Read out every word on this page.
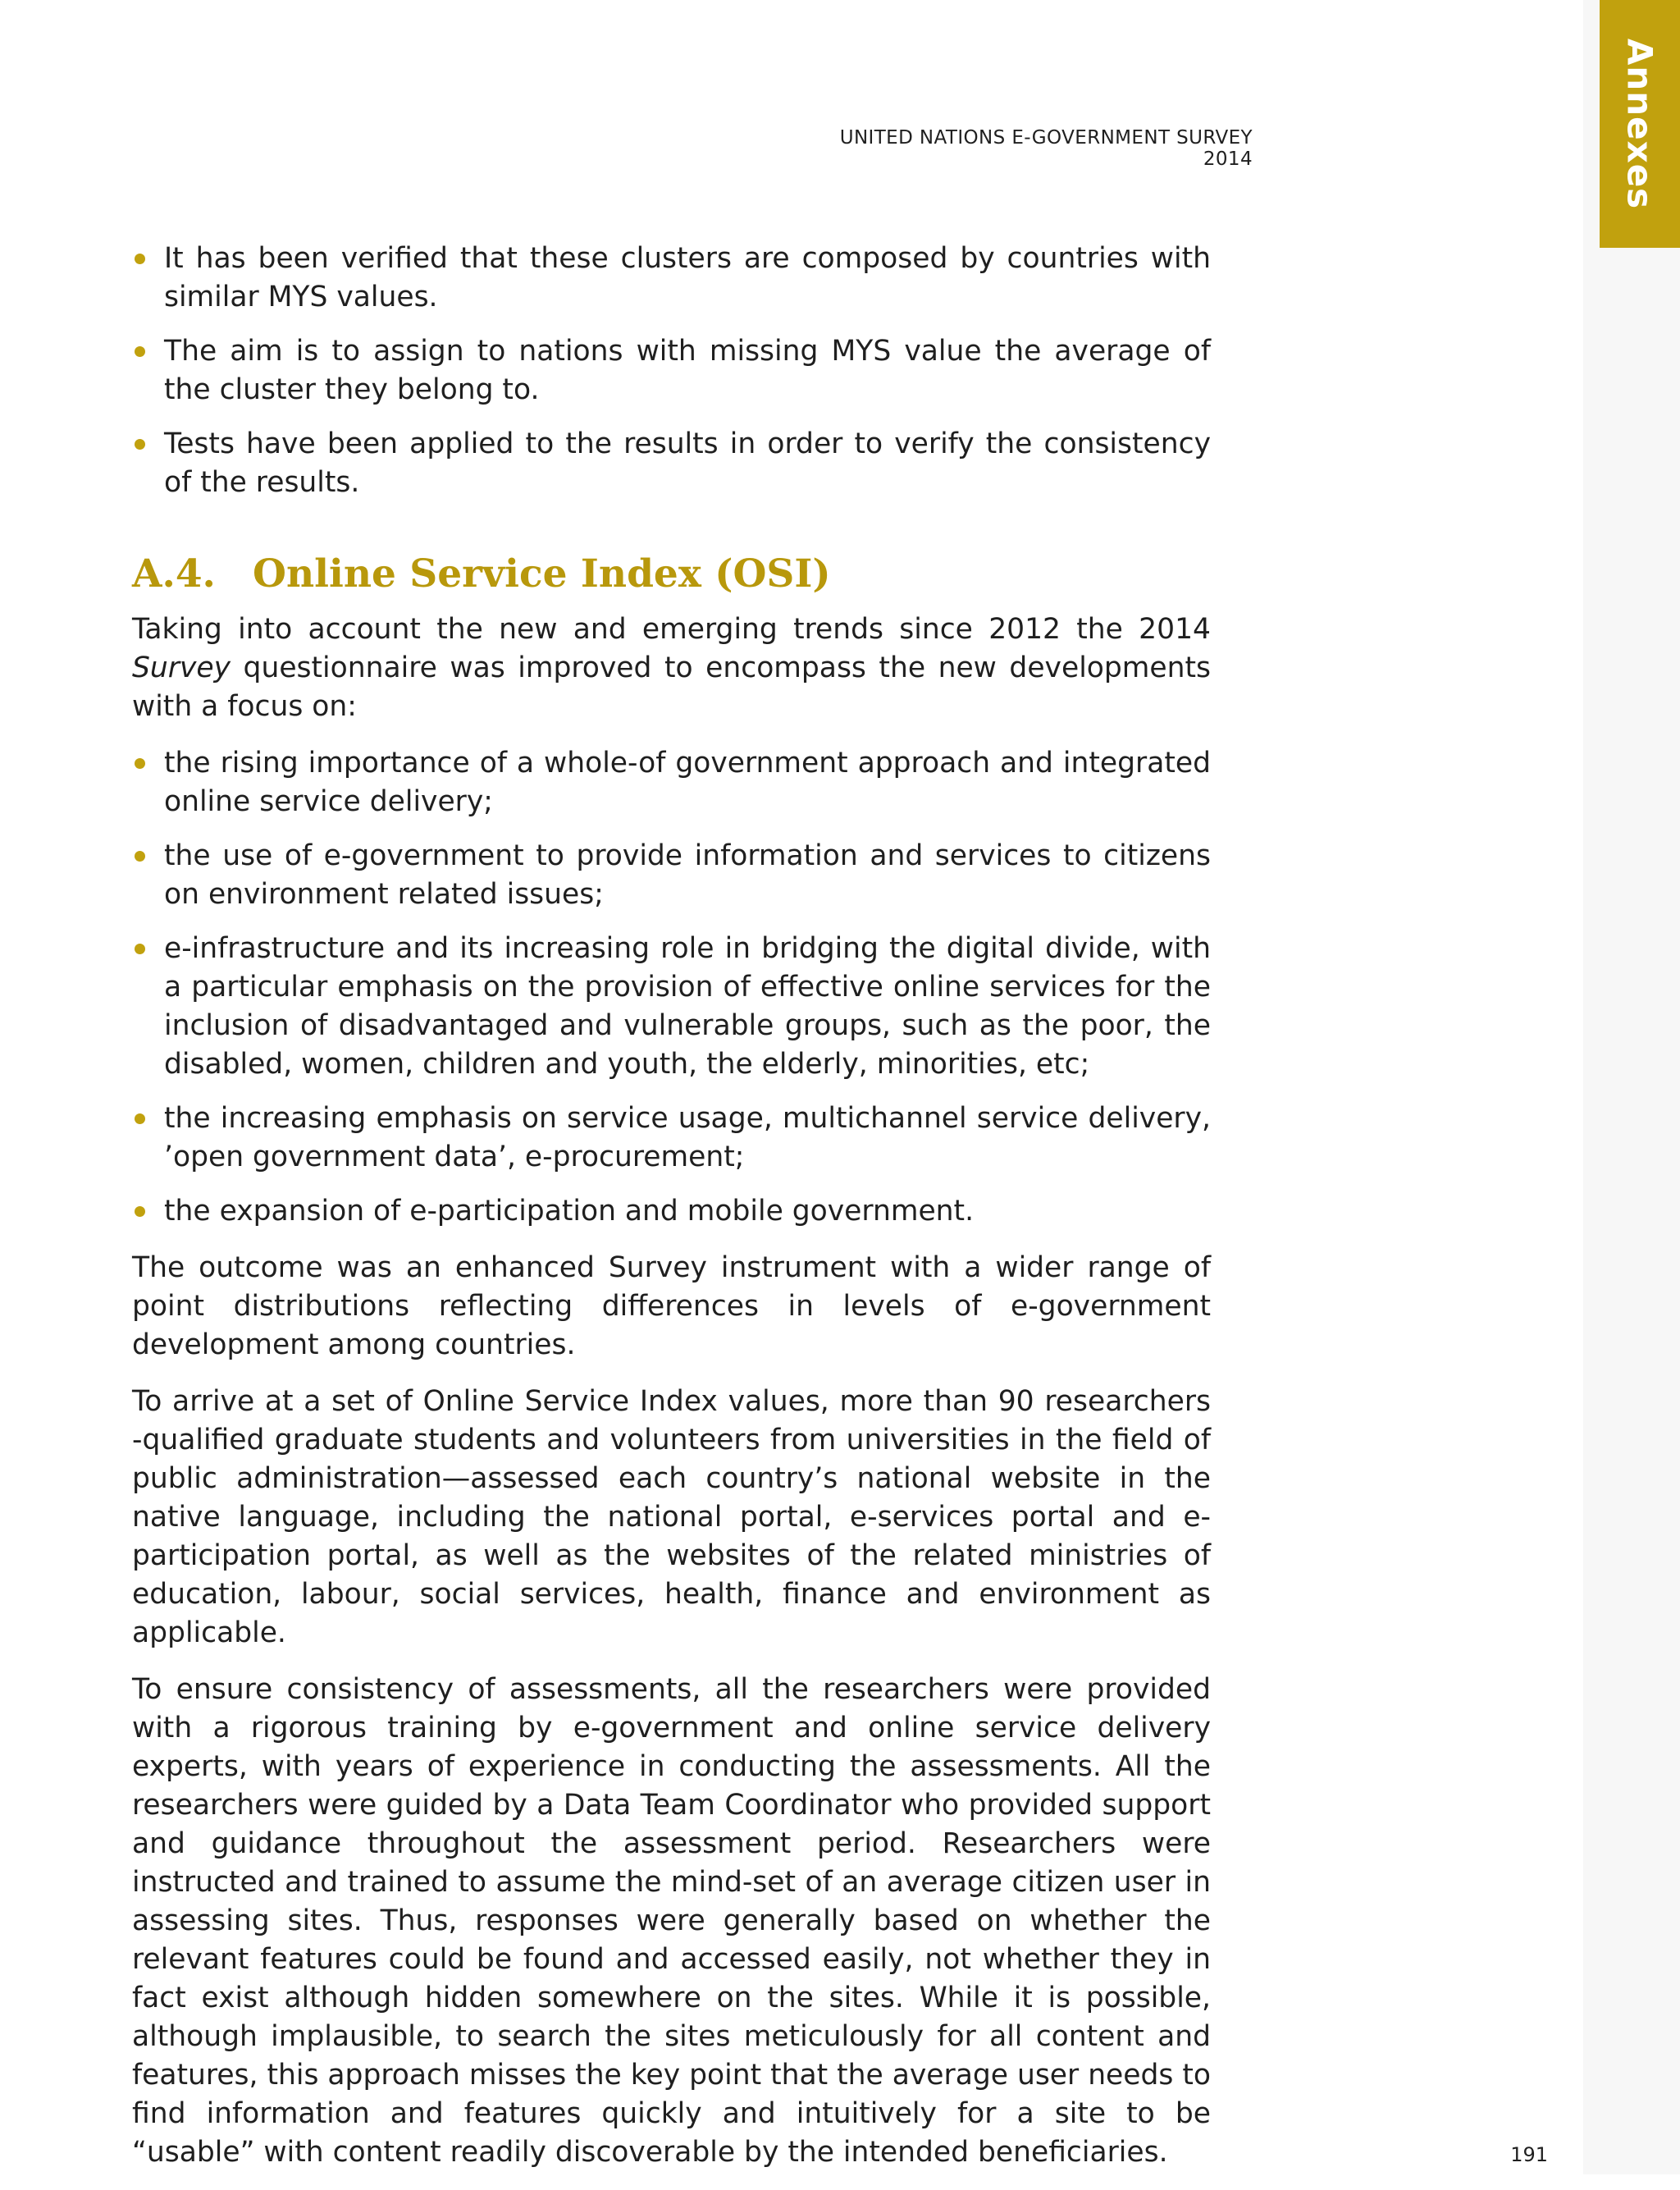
Annexes
UNITED NATIONS E-GOVERNMENT SURVEY 2014
It has been verified that these clusters are composed by countries with similar MYS values.
The aim is to assign to nations with missing MYS value the average of the cluster they belong to.
Tests have been applied to the results in order to verify the consistency of the results.
A.4. Online Service Index (OSI)

Taking into account the new and emerging trends since 2012 the 2014 Survey questionnaire was improved to encompass the new developments with a focus on:

the rising importance of a whole-of government approach and integrated online service delivery;
the use of e-government to provide information and services to citizens on environment related issues;
e-infrastructure and its increasing role in bridging the digital divide, with a particular emphasis on the provision of effective online services for the inclusion of disadvantaged and vulnerable groups, such as the poor, the disabled, women, children and youth, the elderly, minorities, etc;
the increasing emphasis on service usage, multichannel service delivery, ’open government data’, e-procurement;
the expansion of e-participation and mobile government.

The outcome was an enhanced Survey instrument with a wider range of point distributions reflecting differences in levels of e-government development among countries.

To arrive at a set of Online Service Index values, more than 90 researchers -qualified graduate students and volunteers from universities in the field of public administration—assessed each country’s national website in the native language, including the national portal, e-services portal and e-participation portal, as well as the websites of the related ministries of education, labour, social services, health, finance and environment as applicable.

To ensure consistency of assessments, all the researchers were provided with a rigorous training by e-government and online service delivery experts, with years of experience in conducting the assessments. All the researchers were guided by a Data Team Coordinator who provided support and guidance throughout the assessment period. Researchers were instructed and trained to assume the mind-set of an average citizen user in assessing sites. Thus, responses were generally based on whether the relevant features could be found and accessed easily, not whether they in fact exist although hidden somewhere on the sites. While it is possible, although implausible, to search the sites meticulously for all content and features, this approach misses the key point that the average user needs to find information and features quickly and intuitively for a site to be “usable” with content readily discoverable by the intended beneficiaries.	191
